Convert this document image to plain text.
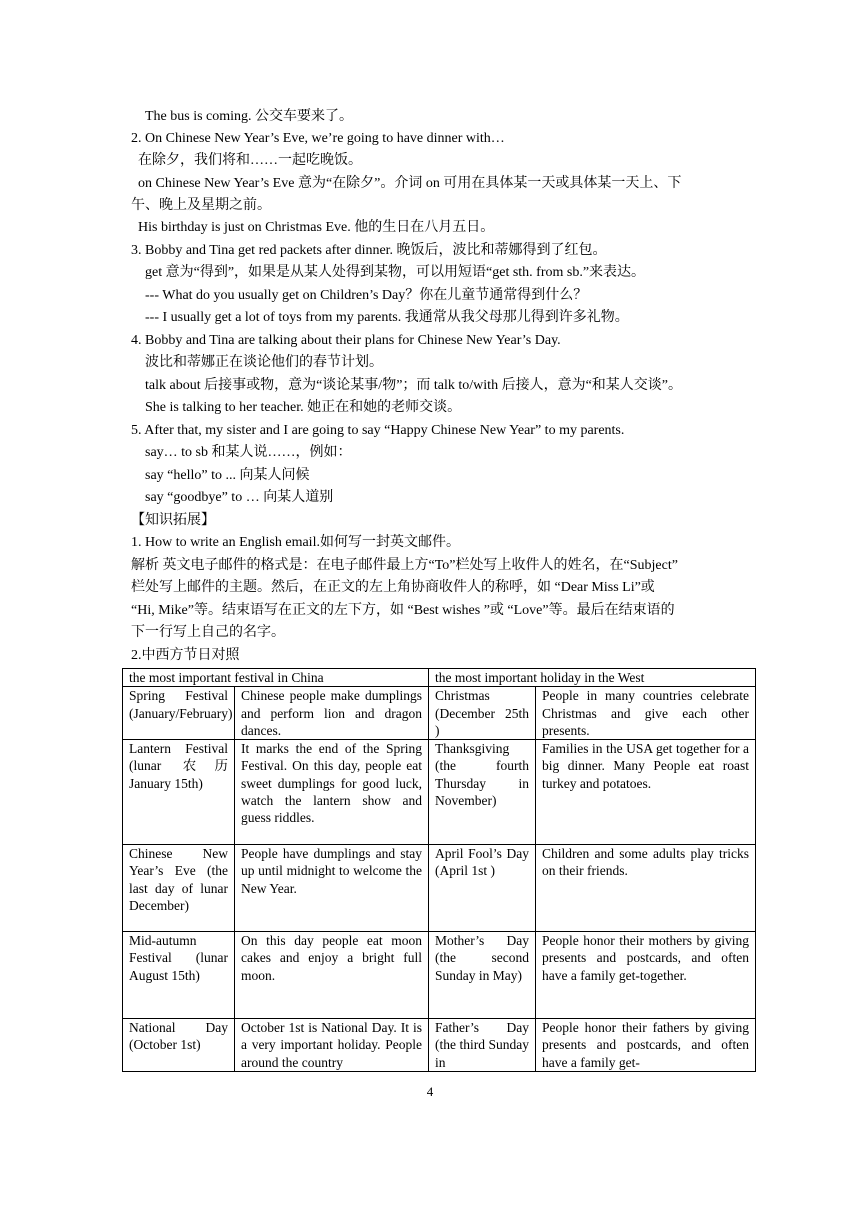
The bus is coming. 公交车要来了。
2. On Chinese New Year’s Eve, we’re going to have dinner with…
在除夕，我们将和……一起吃晚饭。
on Chinese New Year’s Eve 意为“在除夕”。介词 on 可用在具体某一天或具体某一天上、下
午、晚上及星期之前。
His birthday is just on Christmas Eve. 他的生日在八月五日。
3. Bobby and Tina get red packets after dinner. 晚饭后，波比和蒂娜得到了红包。
get 意为“得到”，如果是从某人处得到某物，可以用短语“get sth. from sb.”来表达。
--- What do you usually get on Children’s Day？你在儿童节通常得到什么？
--- I usually get a lot of toys from my parents. 我通常从我父母那儿得到许多礼物。
4. Bobby and Tina are talking about their plans for Chinese New Year’s Day.
波比和蒂娜正在谈论他们的春节计划。
talk about 后接事或物，意为“谈论某事/物”；而 talk to/with 后接人，意为“和某人交谈”。
She is talking to her teacher. 她正在和她的老师交谈。
5. After that, my sister and I are going to say “Happy Chinese New Year” to my parents.
say… to sb 和某人说……，例如：
say “hello” to ... 向某人问候
say “goodbye” to … 向某人道别
【知识拓展】
1. How to write an English email.如何写一封英文邮件。
解析 英文电子邮件的格式是：在电子邮件最上方“To”栏处写上收件人的姓名，在“Subject”
栏处写上邮件的主题。然后，在正文的左上角协商收件人的称呼，如 “Dear Miss Li”或
“Hi, Mike”等。结束语写在正文的左下方，如 “Best wishes ”或 “Love”等。最后在结束语的
下一行写上自己的名字。
2.中西方节日对照
the most important festival in China		the most important holiday in the West	
Spring Festival (January/February)	Chinese people make dumplings and perform lion and dragon dances.	Christmas (December 25th )	People in many countries celebrate Christmas and give each other presents.
Lantern Festival (lunar 农历 January 15th)	It marks the end of the Spring Festival. On this day, people eat sweet dumplings for good luck, watch the lantern show and guess riddles.	Thanksgiving (the fourth Thursday in November)	Families in the USA get together for a big dinner. Many People eat roast turkey and potatoes.
Chinese New Year’s Eve (the last day of lunar December)	People have dumplings and stay up until midnight to welcome the New Year.	April Fool’s Day (April 1st )	Children and some adults play tricks on their friends.
Mid-autumn Festival (lunar August 15th)	On this day people eat moon cakes and enjoy a bright full moon.	Mother’s Day (the second Sunday in May)	People honor their mothers by giving presents and postcards, and often have a family get-together.
National Day (October 1st)	October 1st is National Day. It is a very important holiday. People around the country	Father’s Day (the third Sunday in	People honor their fathers by giving presents and postcards, and often have a family get-
4
